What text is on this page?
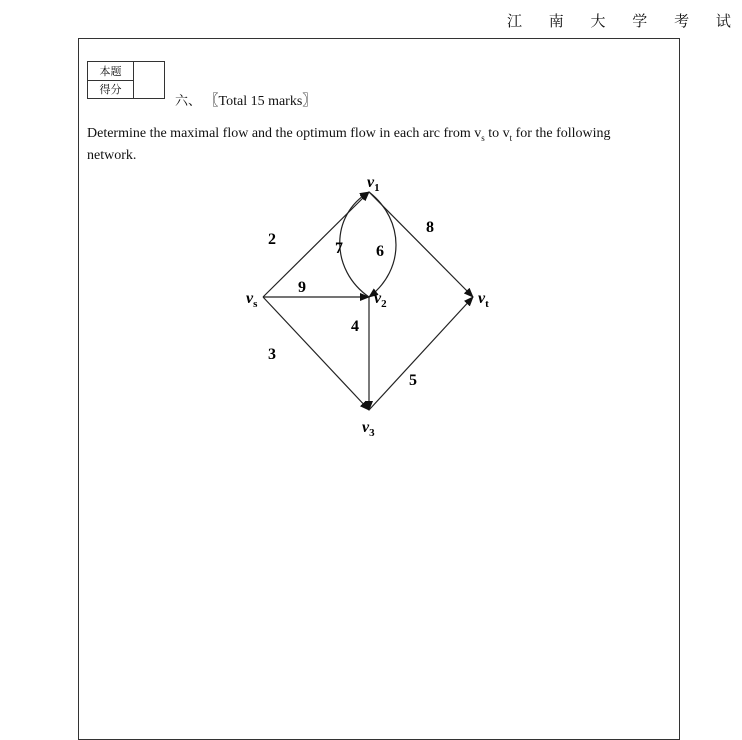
江 南 大 学 考 试
本题
得分
六、 〖Total 15 marks〗
Determine the maximal flow and the optimum flow in each arc from $v_s$ to $v_t$ for the following network.
2
9
3
7 6
4
8
5
$v_s$
$v_1$
$v_2$
$v_3$
$v_t$
